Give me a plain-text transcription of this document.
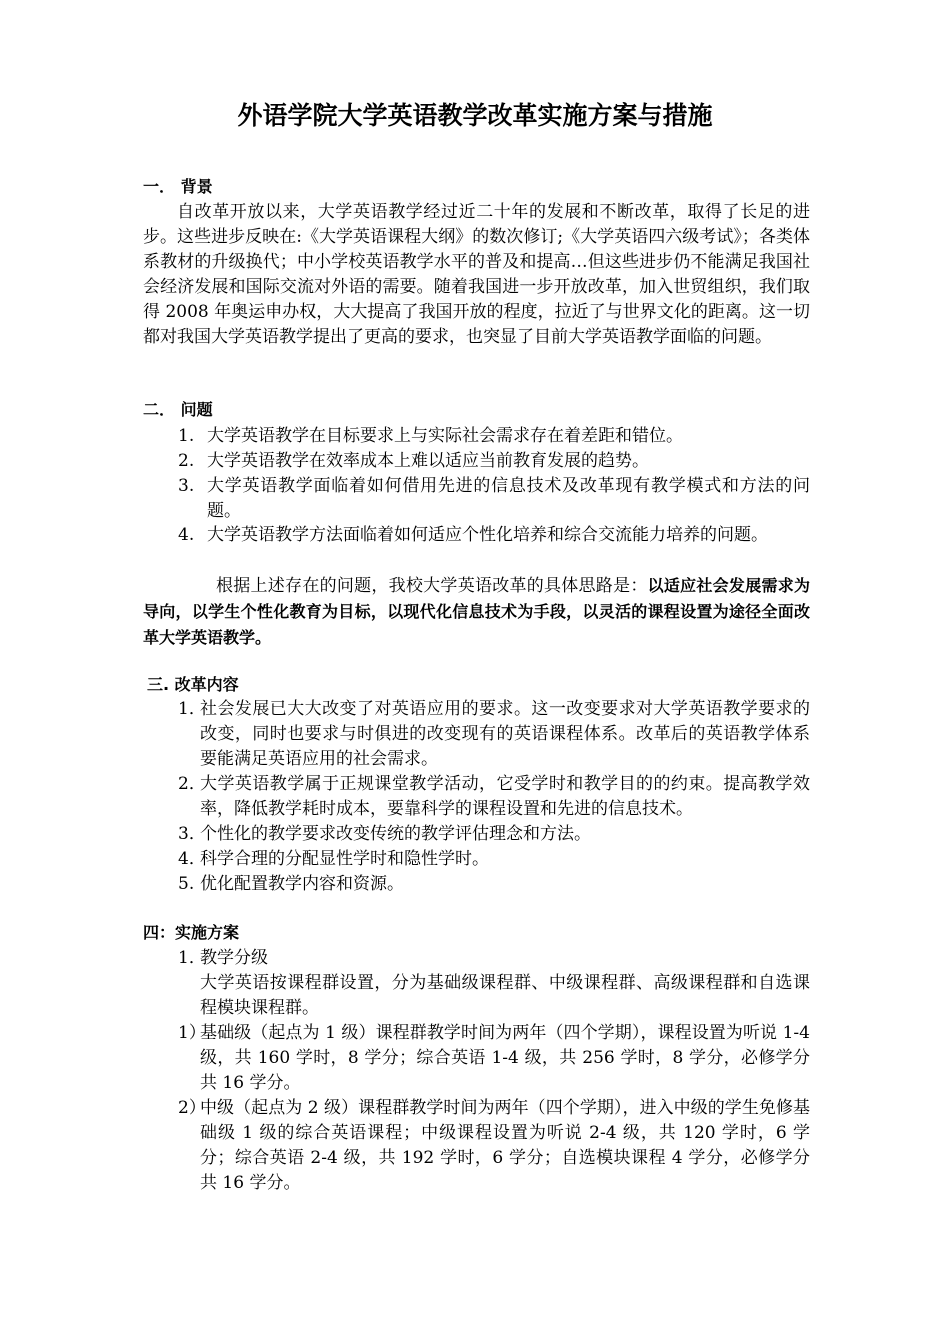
外语学院大学英语教学改革实施方案与措施
一． 背景
自改革开放以来，大学英语教学经过近二十年的发展和不断改革，取得了长足的进步。这些进步反映在:《大学英语课程大纲》的数次修订;《大学英语四六级考试》；各类体系教材的升级换代；中小学校英语教学水平的普及和提高…但这些进步仍不能满足我国社会经济发展和国际交流对外语的需要。随着我国进一步开放改革，加入世贸组织，我们取得 2008 年奥运申办权，大大提高了我国开放的程度，拉近了与世界文化的距离。这一切都对我国大学英语教学提出了更高的要求，也突显了目前大学英语教学面临的问题。
二． 问题
1. 大学英语教学在目标要求上与实际社会需求存在着差距和错位。
2. 大学英语教学在效率成本上难以适应当前教育发展的趋势。
3. 大学英语教学面临着如何借用先进的信息技术及改革现有教学模式和方法的问题。
4. 大学英语教学方法面临着如何适应个性化培养和综合交流能力培养的问题。
根据上述存在的问题，我校大学英语改革的具体思路是：以适应社会发展需求为导向，以学生个性化教育为目标，以现代化信息技术为手段，以灵活的课程设置为途径全面改革大学英语教学。
三. 改革内容
1．
社会发展已大大改变了对英语应用的要求。这一改变要求对大学英语教学要求的改变，同时也要求与时俱进的改变现有的英语课程体系。改革后的英语教学体系要能满足英语应用的社会需求。
2．
大学英语教学属于正规课堂教学活动，它受学时和教学目的的约束。提高教学效率，降低教学耗时成本，要靠科学的课程设置和先进的信息技术。
3．
个性化的教学要求改变传统的教学评估理念和方法。
4．
科学合理的分配显性学时和隐性学时。
5. 优化配置教学内容和资源。
四：实施方案
1．
教学分级
大学英语按课程群设置，分为基础级课程群、中级课程群、高级课程群和自选课程模块课程群。
1）
基础级（起点为 1 级）课程群教学时间为两年（四个学期），课程设置为听说 1-4 级，共 160 学时，8 学分；综合英语 1-4 级，共 256 学时，8 学分，必修学分共 16 学分。
2）
中级（起点为 2 级）课程群教学时间为两年（四个学期），进入中级的学生免修基础级 1 级的综合英语课程；中级课程设置为听说 2-4 级，共 120 学时，6 学分；综合英语 2-4 级，共 192 学时，6 学分；自选模块课程 4 学分，必修学分共 16 学分。
